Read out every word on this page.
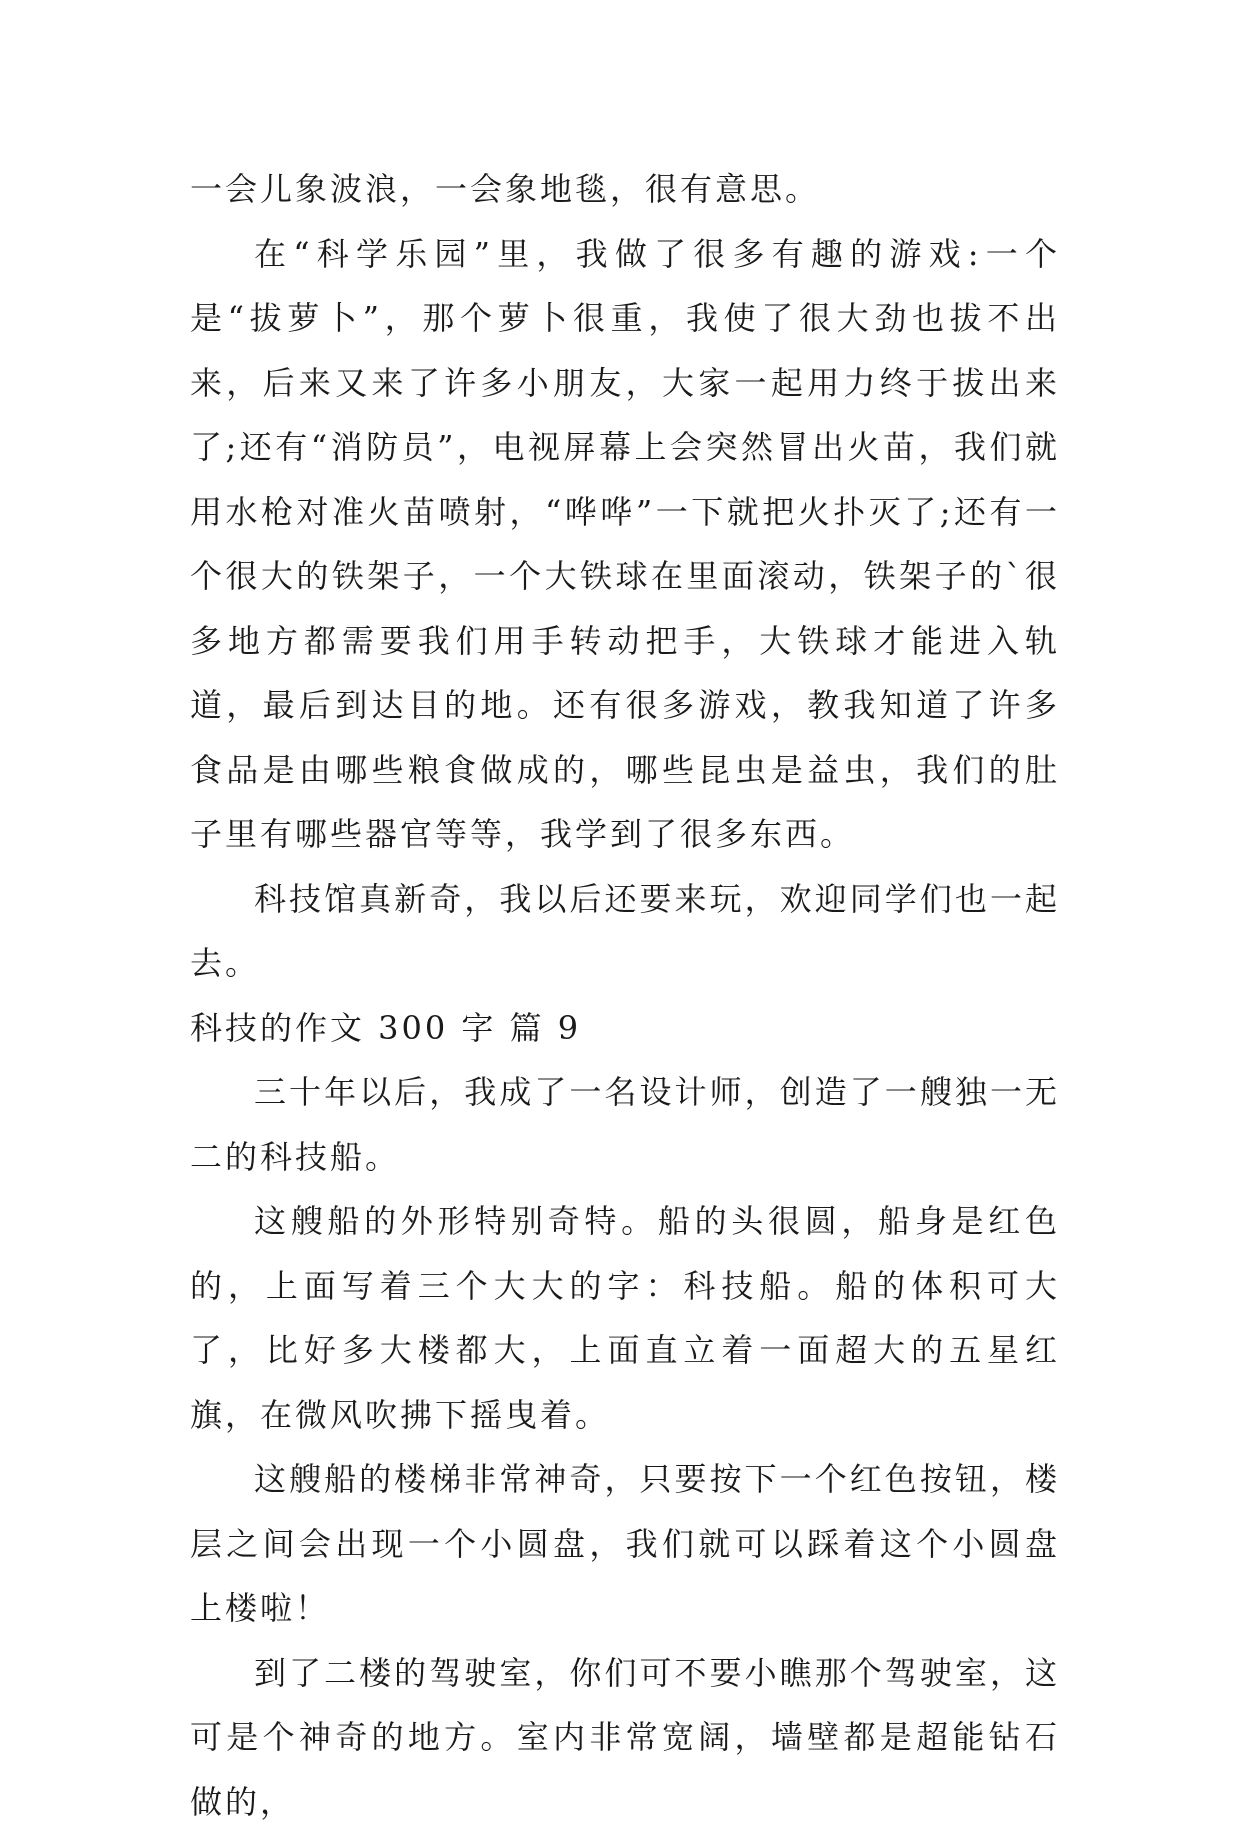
一会儿象波浪，一会象地毯，很有意思。

在“科学乐园”里，我做了很多有趣的游戏:一个是“拔萝卜”，那个萝卜很重，我使了很大劲也拔不出来，后来又来了许多小朋友，大家一起用力终于拔出来了;还有“消防员”，电视屏幕上会突然冒出火苗，我们就用水枪对准火苗喷射，“哗哗”一下就把火扑灭了;还有一个很大的铁架子，一个大铁球在里面滚动，铁架子的`很多地方都需要我们用手转动把手，大铁球才能进入轨道，最后到达目的地。还有很多游戏，教我知道了许多食品是由哪些粮食做成的，哪些昆虫是益虫，我们的肚子里有哪些器官等等，我学到了很多东西。

科技馆真新奇，我以后还要来玩，欢迎同学们也一起去。

科技的作文 300 字 篇 9

三十年以后，我成了一名设计师，创造了一艘独一无二的科技船。

这艘船的外形特别奇特。船的头很圆，船身是红色的，上面写着三个大大的字：科技船。船的体积可大了，比好多大楼都大，上面直立着一面超大的五星红旗，在微风吹拂下摇曳着。

这艘船的楼梯非常神奇，只要按下一个红色按钮，楼层之间会出现一个小圆盘，我们就可以踩着这个小圆盘上楼啦！

到了二楼的驾驶室，你们可不要小瞧那个驾驶室，这可是个神奇的地方。室内非常宽阔，墙壁都是超能钻石做的，
